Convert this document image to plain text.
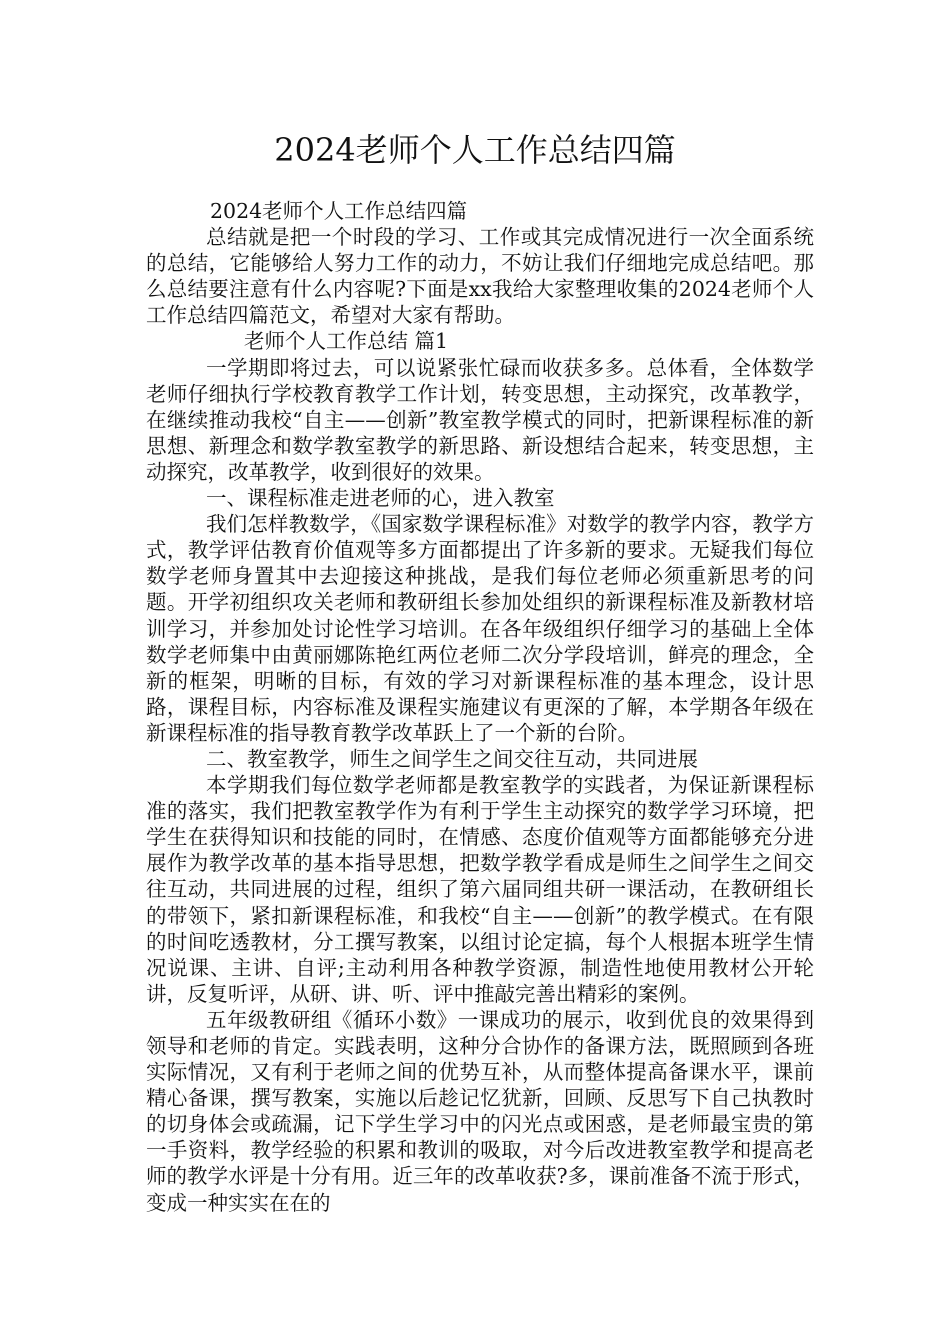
2024老师个人工作总结四篇

2024老师个人工作总结四篇

总结就是把一个时段的学习、工作或其完成情况进行一次全面系统的总结，它能够给人努力工作的动力，不妨让我们仔细地完成总结吧。那么总结要注意有什么内容呢?下面是xx我给大家整理收集的2024老师个人工作总结四篇范文，希望对大家有帮助。

老师个人工作总结 篇1

一学期即将过去，可以说紧张忙碌而收获多多。总体看，全体数学老师仔细执行学校教育教学工作计划，转变思想，主动探究，改革教学，在继续推动我校“自主——创新”教室教学模式的同时，把新课程标准的新思想、新理念和数学教室教学的新思路、新设想结合起来，转变思想，主动探究，改革教学，收到很好的效果。

一、课程标准走进老师的心，进入教室

我们怎样教数学，《国家数学课程标准》对数学的教学内容，教学方式，教学评估教育价值观等多方面都提出了许多新的要求。无疑我们每位数学老师身置其中去迎接这种挑战，是我们每位老师必须重新思考的问题。开学初组织攻关老师和教研组长参加处组织的新课程标准及新教材培训学习，并参加处讨论性学习培训。在各年级组织仔细学习的基础上全体数学老师集中由黄丽娜陈艳红两位老师二次分学段培训，鲜亮的理念，全新的框架，明晰的目标，有效的学习对新课程标准的基本理念，设计思路，课程目标，内容标准及课程实施建议有更深的了解，本学期各年级在新课程标准的指导教育教学改革跃上了一个新的台阶。

二、教室教学，师生之间学生之间交往互动，共同进展

本学期我们每位数学老师都是教室教学的实践者，为保证新课程标准的落实，我们把教室教学作为有利于学生主动探究的数学学习环境，把学生在获得知识和技能的同时，在情感、态度价值观等方面都能够充分进展作为教学改革的基本指导思想，把数学教学看成是师生之间学生之间交往互动，共同进展的过程，组织了第六届同组共研一课活动，在教研组长的带领下，紧扣新课程标准，和我校“自主——创新”的教学模式。在有限的时间吃透教材，分工撰写教案，以组讨论定搞，每个人根据本班学生情况说课、主讲、自评;主动利用各种教学资源，制造性地使用教材公开轮讲，反复听评，从研、讲、听、评中推敲完善出精彩的案例。

五年级教研组《循环小数》一课成功的展示，收到优良的效果得到领导和老师的肯定。实践表明，这种分合协作的备课方法，既照顾到各班实际情况，又有利于老师之间的优势互补，从而整体提高备课水平，课前精心备课，撰写教案，实施以后趁记忆犹新，回顾、反思写下自己执教时的切身体会或疏漏，记下学生学习中的闪光点或困惑，是老师最宝贵的第一手资料，教学经验的积累和教训的吸取，对今后改进教室教学和提高老师的教学水评是十分有用。近三年的改革收获?多，课前准备不流于形式，变成一种实实在在的
